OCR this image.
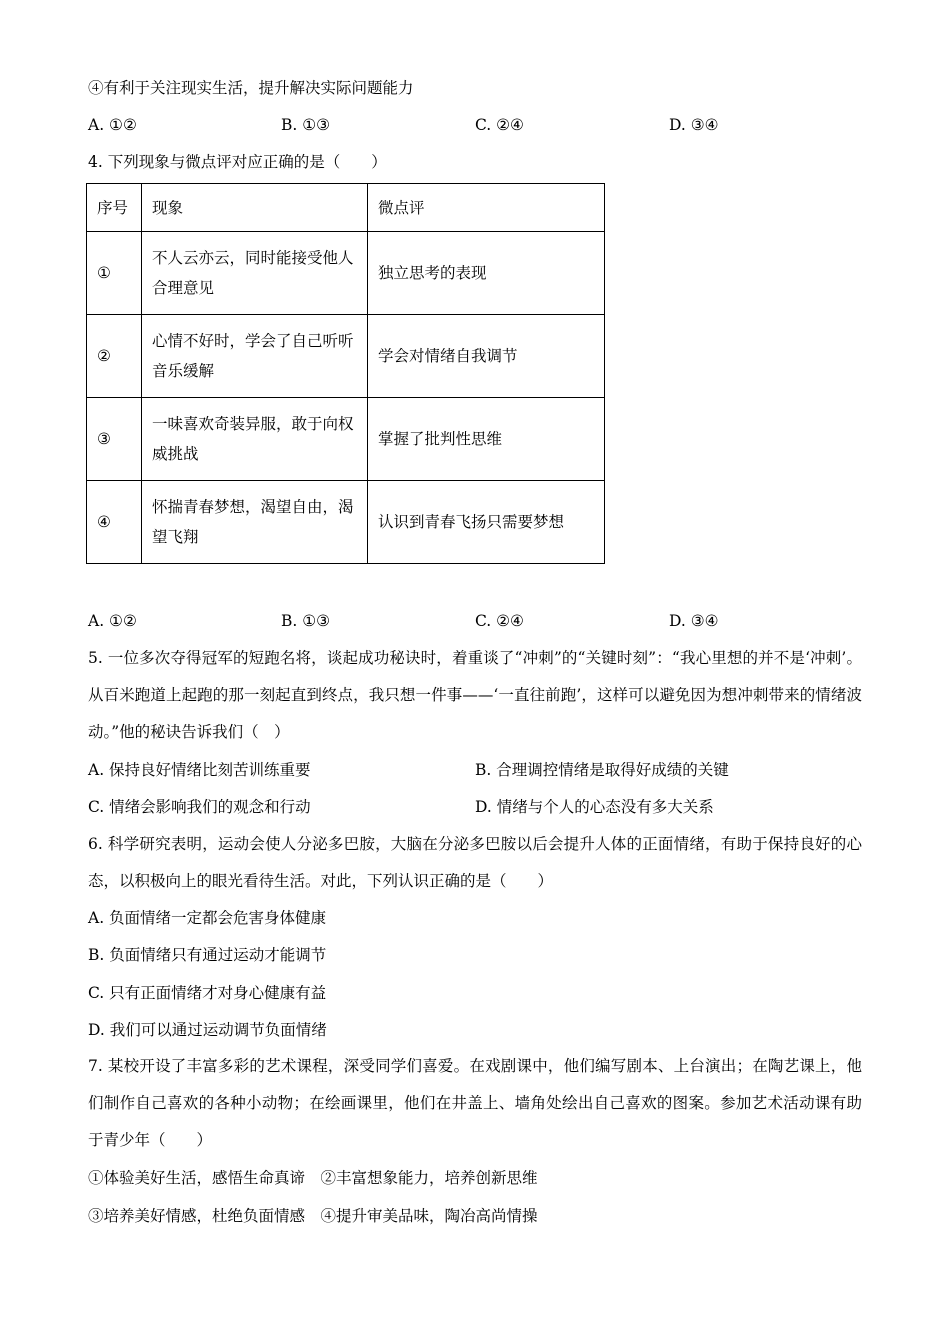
④有利于关注现实生活，提升解决实际问题能力
A. ①②	B. ①③	C. ②④	D. ③④
4. 下列现象与微点评对应正确的是（　　）
序号	现象	微点评
①	不人云亦云，同时能接受他人合理意见	独立思考的表现
②	心情不好时，学会了自己听听音乐缓解	学会对情绪自我调节
③	一味喜欢奇装异服，敢于向权威挑战	掌握了批判性思维
④	怀揣青春梦想，渴望自由，渴望飞翔	认识到青春飞扬只需要梦想
A. ①②	B. ①③	C. ②④	D. ③④
5. 一位多次夺得冠军的短跑名将，谈起成功秘诀时，着重谈了“冲刺”的“关键时刻”：“我心里想的并不是‘冲刺’。从百米跑道上起跑的那一刻起直到终点，我只想一件事——‘一直往前跑’，这样可以避免因为想冲刺带来的情绪波动。”他的秘诀告诉我们（　）
A. 保持良好情绪比刻苦训练重要	B. 合理调控情绪是取得好成绩的关键
C. 情绪会影响我们的观念和行动	D. 情绪与个人的心态没有多大关系
6. 科学研究表明，运动会使人分泌多巴胺，大脑在分泌多巴胺以后会提升人体的正面情绪，有助于保持良好的心态，以积极向上的眼光看待生活。对此，下列认识正确的是（　　）
A. 负面情绪一定都会危害身体健康
B. 负面情绪只有通过运动才能调节
C. 只有正面情绪才对身心健康有益
D. 我们可以通过运动调节负面情绪
7. 某校开设了丰富多彩的艺术课程，深受同学们喜爱。在戏剧课中，他们编写剧本、上台演出；在陶艺课上，他们制作自己喜欢的各种小动物；在绘画课里，他们在井盖上、墙角处绘出自己喜欢的图案。参加艺术活动课有助于青少年（　　）
①体验美好生活，感悟生命真谛　②丰富想象能力，培养创新思维
③培养美好情感，杜绝负面情感　④提升审美品味，陶冶高尚情操
